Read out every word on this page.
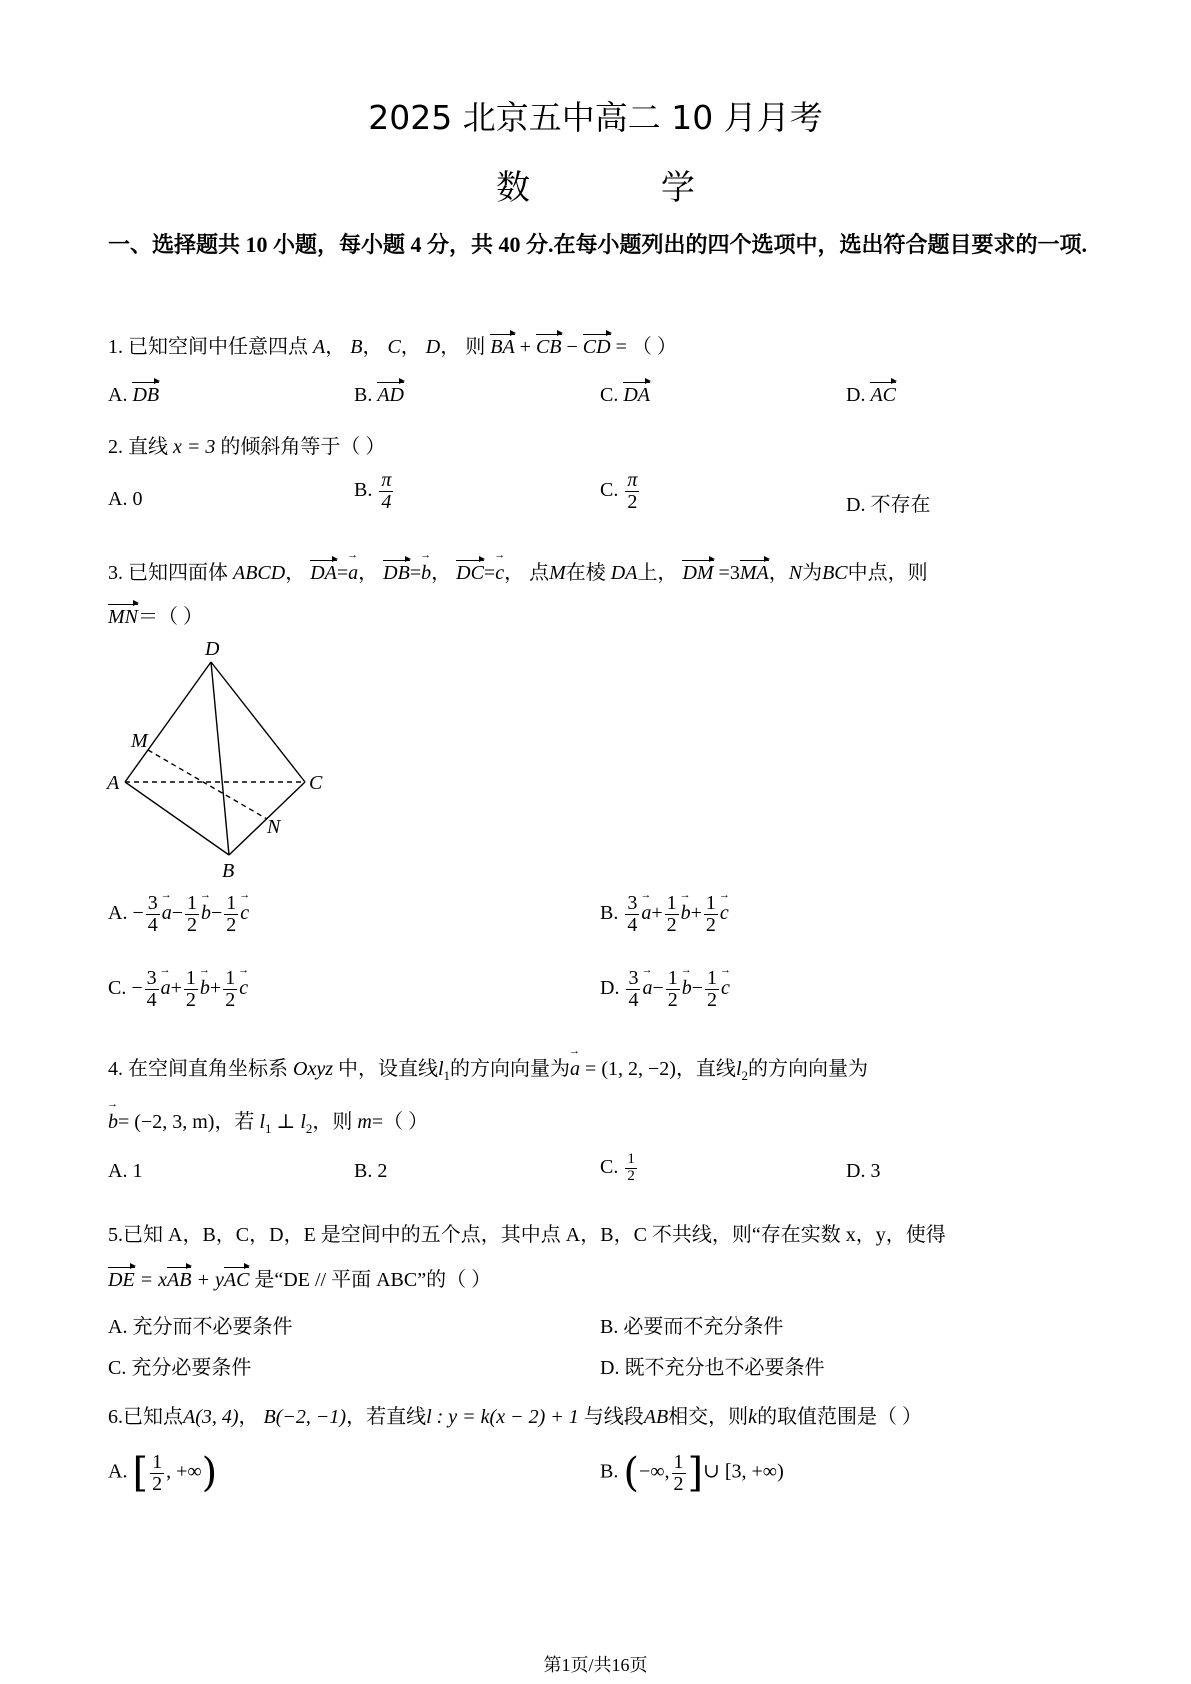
2025 北京五中高二 10 月月考
数 学
一、选择题共 10 小题，每小题 4 分，共 40 分.在每小题列出的四个选项中，选出符合题目要求的一项.
1. 已知空间中任意四点 A， B， C， D， 则 BA + CB − CD = （ ）
A. DB	B. AD	C. DA	D. AC
2. 直线 x = 3 的倾斜角等于（ ）
A. 0	B. $\frac{\pi}{4}$	C. $\frac{\pi}{2}$	D. 不存在
3. 已知四面体 ABCD， DA=a →， DB=b →， DC=c →， 点M在棱 DA上， DM =3MA，N为BC中点，则
MN＝（ ）
D
M
A	C
N
B
A. − $\frac{3}{4}$ $a \to- \frac{1}{2}$ $b \to- \frac{1}{2}$ c →	B. $\frac{3}{4}$ $a \to+ \frac{1}{2}$ $b \to+ \frac{1}{2}$ c →
C. − $\frac{3}{4}$ $a \to+ \frac{1}{2}$ $b \to+ \frac{1}{2}$ c →	D. $\frac{3}{4}$ $a \to- \frac{1}{2}$ $b \to- \frac{1}{2}$ c →
4. 在空间直角坐标系 Oxyz 中，设直线$l_1$的方向向量为a → = (1, 2, −2)，直线$l_2$的方向向量为
b →= (−2, 3, m)，若 $l_1$ ⊥ $l_2$，则 m=（ ）
A. 1	B. 2	C. $\frac{1}{2}$	D. 3
5.已知 A，B，C，D，E 是空间中的五个点，其中点 A，B，C 不共线，则“存在实数 x，y，使得
DE = xAB + yAC 是“DE // 平面 ABC”的（ ）
A. 充分而不必要条件	B. 必要而不充分条件
C. 充分必要条件	D. 既不充分也不必要条件
6.已知点A(3, 4)， B(−2, −1)，若直线l : y = k(x − 2) + 1 与线段AB相交，则k的取值范围是（ ）
A. [ $\frac{1}{2}$ , +∞)	B. (−∞, $\frac{1}{2}$ ]∪ [3, +∞)
第1页/共16页
